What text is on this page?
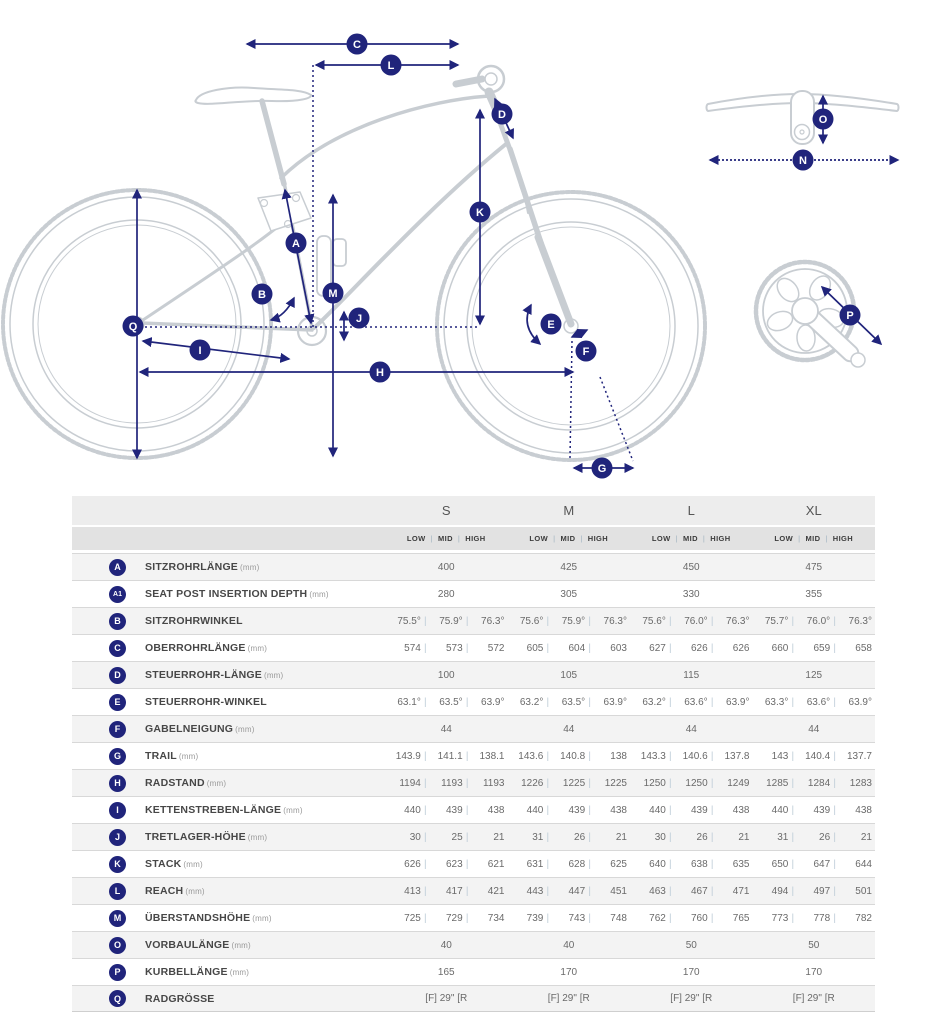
C
L
A
B
D
E
F
G
H
I
J
K
M
Q
N
O
P
S	M	L	XL
LOW | MID | HIGH	LOW | MID | HIGH	LOW | MID | HIGH	LOW | MID | HIGH
A	SITZROHRLÄNGE (mm)	400	425	450	475
A1	SEAT POST INSERTION DEPTH (mm)	280	305	330	355
B	SITZROHRWINKEL	75.5° |	75.9° |	76.3°	75.6° |	75.9° |	76.3°	75.6° |	76.0° |	76.3°	75.7° |	76.0° |	76.3°
C	OBERROHRLÄNGE (mm)	574 |	573 |	572	605 |	604 |	603	627 |	626 |	626	660 |	659 |	658
D	STEUERROHR-LÄNGE (mm)	100	105	115	125
E	STEUERROHR-WINKEL	63.1° |	63.5° |	63.9°	63.2° |	63.5° |	63.9°	63.2° |	63.6° |	63.9°	63.3° |	63.6° |	63.9°
F	GABELNEIGUNG (mm)	44	44	44	44
G	TRAIL (mm)	143.9 |	141.1 |	138.1	143.6 |	140.8 |	138	143.3 |	140.6 |	137.8	143 |	140.4 |	137.7
H	RADSTAND (mm)	1194 |	1193 |	1193	1226 |	1225 |	1225	1250 |	1250 |	1249	1285 |	1284 |	1283
I	KETTENSTREBEN-LÄNGE (mm)	440 |	439 |	438	440 |	439 |	438	440 |	439 |	438	440 |	439 |	438
J	TRETLAGER-HÖHE (mm)	30 |	25 |	21	31 |	26 |	21	30 |	26 |	21	31 |	26 |	21
K	STACK (mm)	626 |	623 |	621	631 |	628 |	625	640 |	638 |	635	650 |	647 |	644
L	REACH (mm)	413 |	417 |	421	443 |	447 |	451	463 |	467 |	471	494 |	497 |	501
M	ÜBERSTANDSHÖHE (mm)	725 |	729 |	734	739 |	743 |	748	762 |	760 |	765	773 |	778 |	782
O	VORBAULÄNGE (mm)	40	40	50	50
P	KURBELLÄNGE (mm)	165	170	170	170
Q	RADGRÖSSE	[F] 29" [R	[F] 29" [R	[F] 29" [R	[F] 29" [R
